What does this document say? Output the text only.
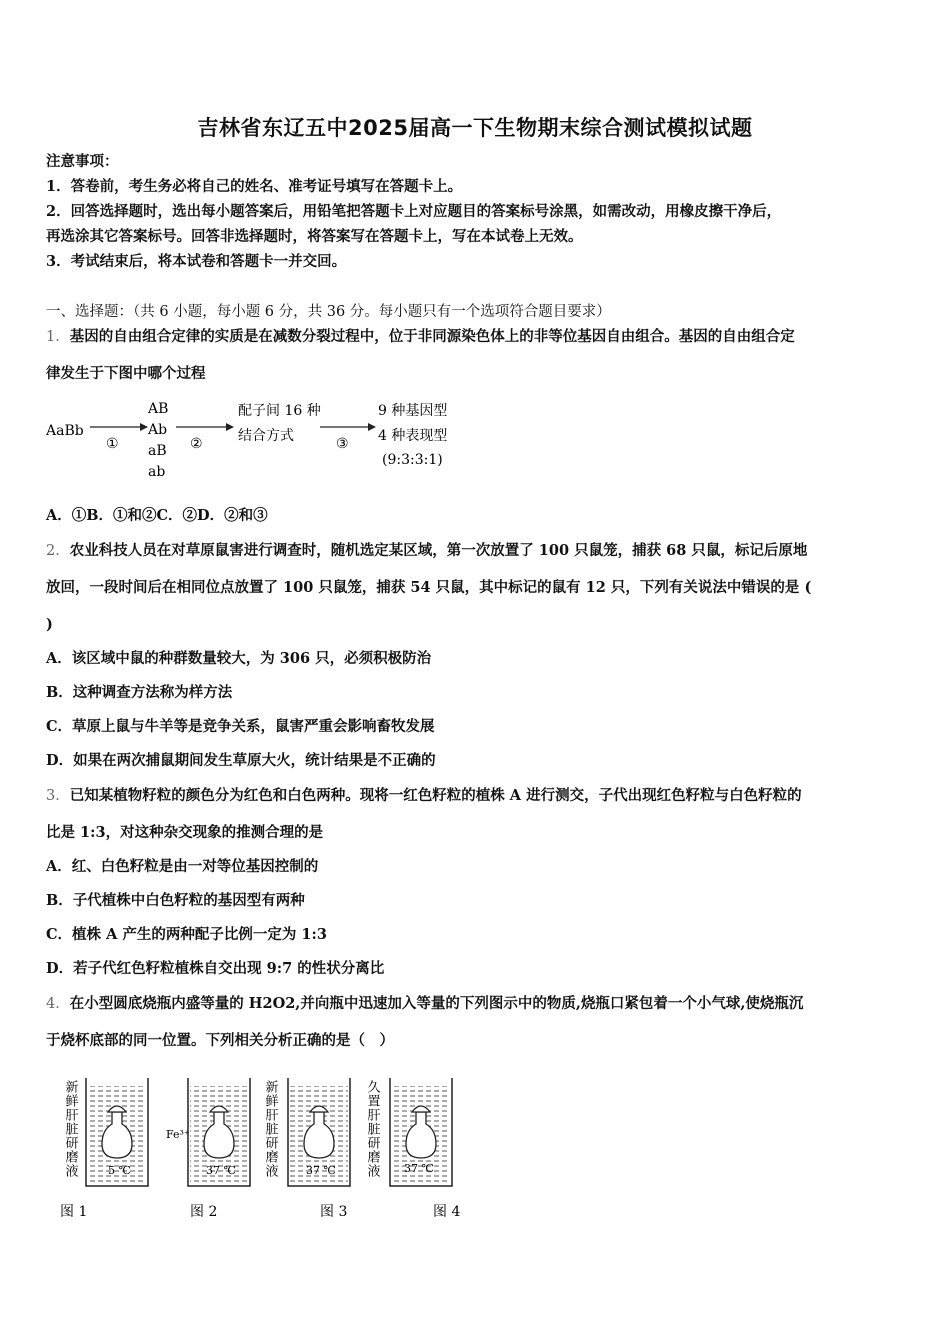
吉林省东辽五中2025届高一下生物期末综合测试模拟试题
注意事项：
1．答卷前，考生务必将自己的姓名、准考证号填写在答题卡上。
2．回答选择题时，选出每小题答案后，用铅笔把答题卡上对应题目的答案标号涂黑，如需改动，用橡皮擦干净后，
再选涂其它答案标号。回答非选择题时，将答案写在答题卡上，写在本试卷上无效。
3．考试结束后，将本试卷和答题卡一并交回。
一、选择题：（共 6 小题，每小题 6 分，共 36 分。每小题只有一个选项符合题目要求）
1．基因的自由组合定律的实质是在减数分裂过程中，位于非同源染色体上的非等位基因自由组合。基因的自由组合定
律发生于下图中哪个过程
AaBb
①
AB
Ab
aB
ab
②
配子间 16 种
结合方式	③
9 种基因型
4 种表现型
(9:3:3:1)
A．①B．①和②C．②D．②和③
2．农业科技人员在对草原鼠害进行调查时，随机选定某区域，第一次放置了 100 只鼠笼，捕获 68 只鼠，标记后原地
放回，一段时间后在相同位点放置了 100 只鼠笼，捕获 54 只鼠，其中标记的鼠有 12 只，下列有关说法中错误的是 (
)
A．该区域中鼠的种群数量较大，为 306 只，必须积极防治
B．这种调查方法称为样方法
C．草原上鼠与牛羊等是竞争关系，鼠害严重会影响畜牧发展
D．如果在两次捕鼠期间发生草原大火，统计结果是不正确的
3．已知某植物籽粒的颜色分为红色和白色两种。现将一红色籽粒的植株 A 进行测交，子代出现红色籽粒与白色籽粒的
比是 1:3，对这种杂交现象的推测合理的是
A．红、白色籽粒是由一对等位基因控制的
B．子代植株中白色籽粒的基因型有两种
C．植株 A 产生的两种配子比例一定为 1:3
D．若子代红色籽粒植株自交出现 9:7 的性状分离比
4．在小型圆底烧瓶内盛等量的 H2O2,并向瓶中迅速加入等量的下列图示中的物质,烧瓶口紧包着一个小气球,使烧瓶沉
于烧杯底部的同一位置。下列相关分析正确的是（　）
新鲜肝脏研磨液	5 ℃
图 1
Fe³⁺
37 ℃
图 2
新鲜肝脏研磨液	37 ℃
图 3
久置肝脏研磨液 37 ℃
图 4
